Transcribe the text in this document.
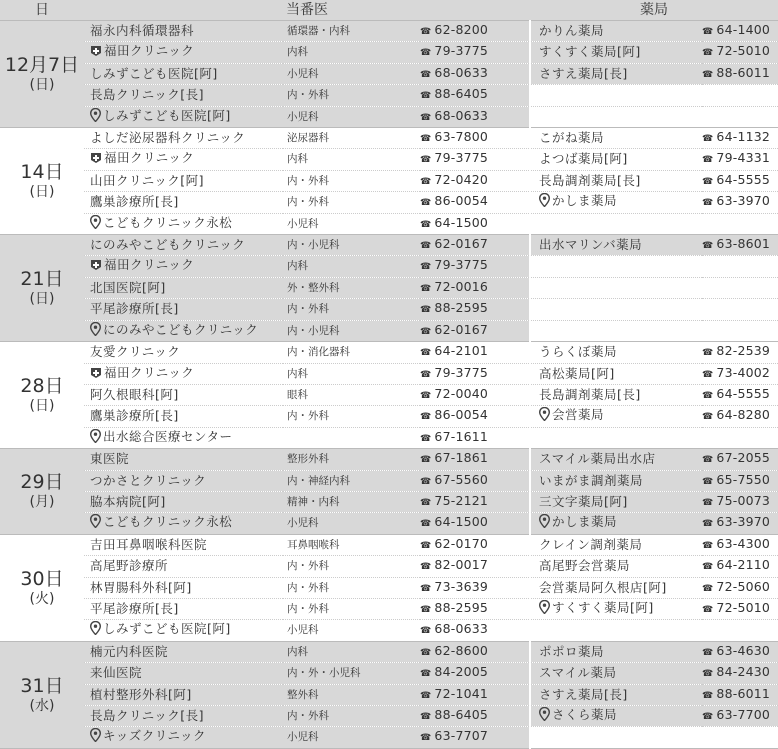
日	当番医			薬局	

12月7日
(日)	福永内科循環器科	循環器・内科	☎ 62-8200	かりん薬局	☎ 64-1400
	福田クリニック	内科	☎ 79-3775	すくすく薬局[阿]	☎ 72-5010
	しみずこども医院[阿]	小児科	☎ 68-0633	さすえ薬局[長]	☎ 88-6011
	長島クリニック[長]	内・外科	☎ 88-6405		
	しみずこども医院[阿]	小児科	☎ 68-0633		

14日
(日)	よしだ泌尿器科クリニック	泌尿器科	☎ 63-7800	こがね薬局	☎ 64-1132
	福田クリニック	内科	☎ 79-3775	よつば薬局[阿]	☎ 79-4331
	山田クリニック[阿]	内・外科	☎ 72-0420	長島調剤薬局[長]	☎ 64-5555
	鷹巣診療所[長]	内・外科	☎ 86-0054	かしま薬局	☎ 63-3970
	こどもクリニック永松	小児科	☎ 64-1500		

21日
(日)	にのみやこどもクリニック	内・小児科	☎ 62-0167	出水マリンバ薬局	☎ 63-8601
	福田クリニック	内科	☎ 79-3775		
	北国医院[阿]	外・整外科	☎ 72-0016		
	平尾診療所[長]	内・外科	☎ 88-2595		
	にのみやこどもクリニック	内・小児科	☎ 62-0167		

28日
(日)	友愛クリニック	内・消化器科	☎ 64-2101	うらくぼ薬局	☎ 82-2539
	福田クリニック	内科	☎ 79-3775	高松薬局[阿]	☎ 73-4002
	阿久根眼科[阿]	眼科	☎ 72-0040	長島調剤薬局[長]	☎ 64-5555
	鷹巣診療所[長]	内・外科	☎ 86-0054	会営薬局	☎ 64-8280
	出水総合医療センター		☎ 67-1611		

29日
(月)	東医院	整形外科	☎ 67-1861	スマイル薬局出水店	☎ 67-2055
	つかさとクリニック	内・神経内科	☎ 67-5560	いまがま調剤薬局	☎ 65-7550
	脇本病院[阿]	精神・内科	☎ 75-2121	三文字薬局[阿]	☎ 75-0073
	こどもクリニック永松	小児科	☎ 64-1500	かしま薬局	☎ 63-3970

30日
(火)	吉田耳鼻咽喉科医院	耳鼻咽喉科	☎ 62-0170	クレイン調剤薬局	☎ 63-4300
	高尾野診療所	内・外科	☎ 82-0017	高尾野会営薬局	☎ 64-2110
	林胃腸科外科[阿]	内・外科	☎ 73-3639	会営薬局阿久根店[阿]	☎ 72-5060
	平尾診療所[長]	内・外科	☎ 88-2595	すくすく薬局[阿]	☎ 72-5010
	しみずこども医院[阿]	小児科	☎ 68-0633		

31日
(水)	楠元内科医院	内科	☎ 62-8600	ポポロ薬局	☎ 63-4630
	来仙医院	内・外・小児科	☎ 84-2005	スマイル薬局	☎ 84-2430
	植村整形外科[阿]	整外科	☎ 72-1041	さすえ薬局[長]	☎ 88-6011
	長島クリニック[長]	内・外科	☎ 88-6405	さくら薬局	☎ 63-7700
	キッズクリニック	小児科	☎ 63-7707		
